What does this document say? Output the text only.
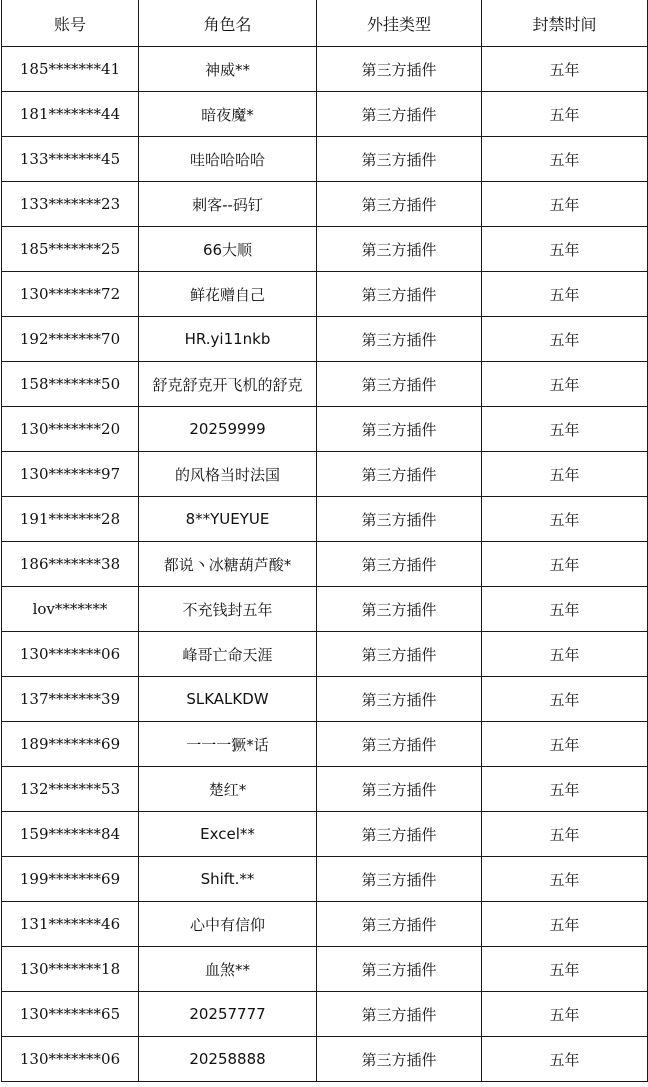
账号	角色名	外挂类型	封禁时间
185*******41	神威**	第三方插件	五年
181*******44	暗夜魔*	第三方插件	五年
133*******45	哇哈哈哈哈	第三方插件	五年
133*******23	刺客--码钉	第三方插件	五年
185*******25	66大顺	第三方插件	五年
130*******72	鲜花赠自己	第三方插件	五年
192*******70	HR.yi11nkb	第三方插件	五年
158*******50	舒克舒克开飞机的舒克	第三方插件	五年
130*******20	20259999	第三方插件	五年
130*******97	的风格当时法国	第三方插件	五年
191*******28	8**YUEYUE	第三方插件	五年
186*******38	都说丶冰糖葫芦酸*	第三方插件	五年
lov*******	不充钱封五年	第三方插件	五年
130*******06	峰哥亡命天涯	第三方插件	五年
137*******39	SLKALKDW	第三方插件	五年
189*******69	一一一獗*话	第三方插件	五年
132*******53	楚红*	第三方插件	五年
159*******84	Excel**	第三方插件	五年
199*******69	Shift.**	第三方插件	五年
131*******46	心中有信仰	第三方插件	五年
130*******18	血煞**	第三方插件	五年
130*******65	20257777	第三方插件	五年
130*******06	20258888	第三方插件	五年
